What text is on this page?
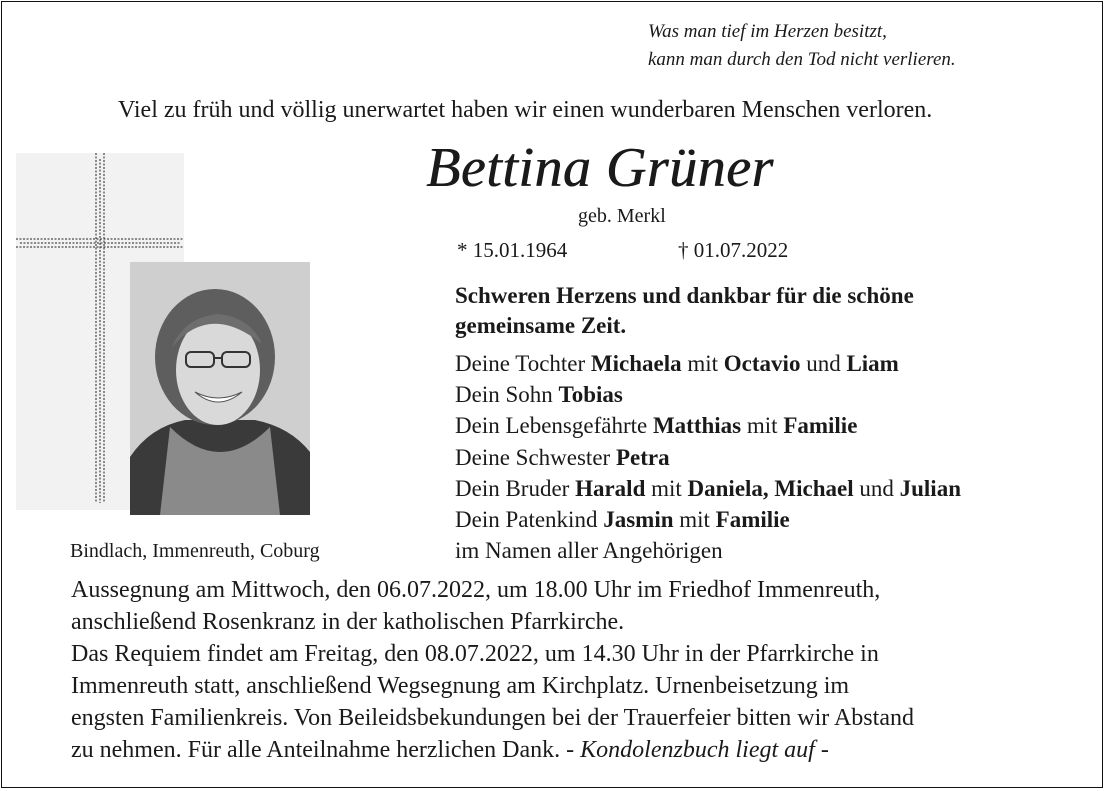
Was man tief im Herzen besitzt,
kann man durch den Tod nicht verlieren.
Viel zu früh und völlig unerwartet haben wir einen wunderbaren Menschen verloren.
Bettina Grüner
geb. Merkl
* 15.01.1964	† 01.07.2022
Schweren Herzens und dankbar für die schöne
gemeinsame Zeit.
Deine Tochter Michaela mit Octavio und Liam
Dein Sohn Tobias
Dein Lebensgefährte Matthias mit Familie
Deine Schwester Petra
Dein Bruder Harald mit Daniela, Michael und Julian
Dein Patenkind Jasmin mit Familie
im Namen aller Angehörigen
Bindlach, Immenreuth, Coburg
Aussegnung am Mittwoch, den 06.07.2022, um 18.00 Uhr im Friedhof Immenreuth,
anschließend Rosenkranz in der katholischen Pfarrkirche.
Das Requiem findet am Freitag, den 08.07.2022, um 14.30 Uhr in der Pfarrkirche in
Immenreuth statt, anschließend Wegsegnung am Kirchplatz. Urnenbeisetzung im
engsten Familienkreis. Von Beileidsbekundungen bei der Trauerfeier bitten wir Abstand
zu nehmen. Für alle Anteilnahme herzlichen Dank. - Kondolenzbuch liegt auf -
